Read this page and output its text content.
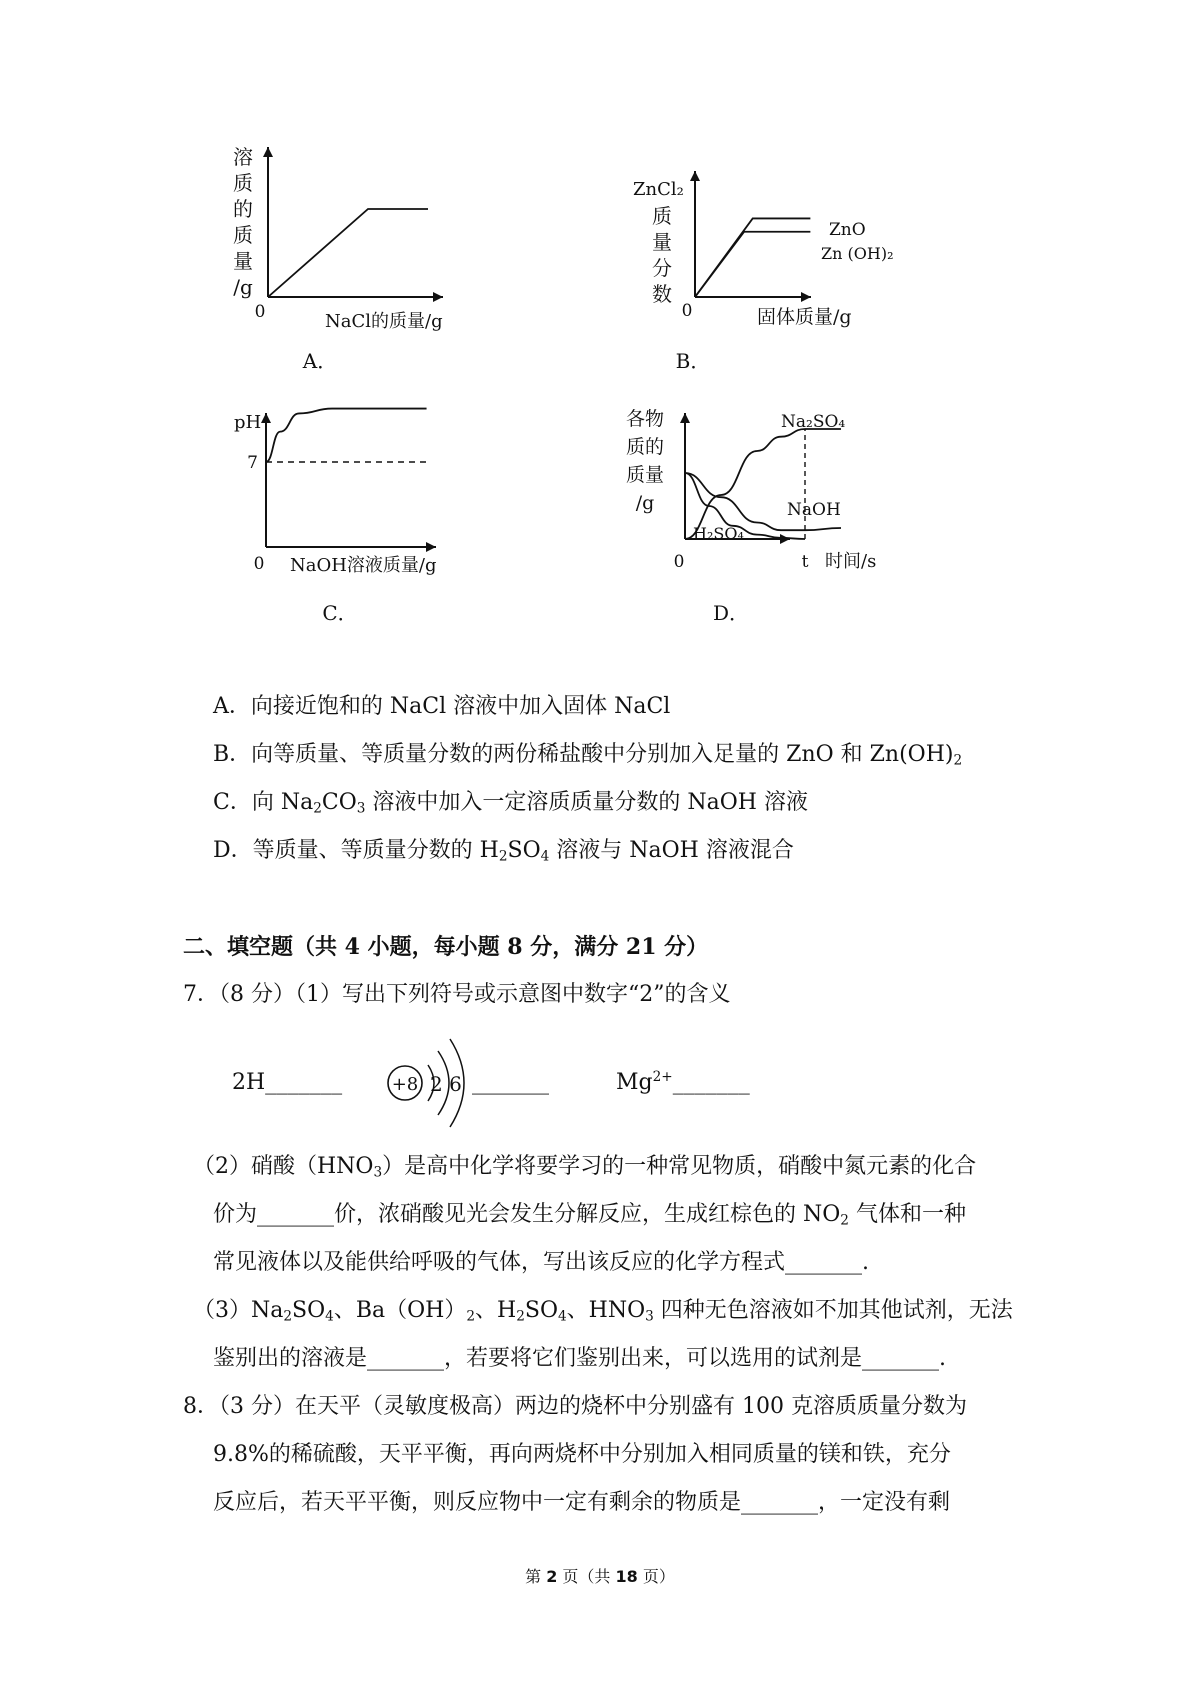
溶
质
的
质
量
/g
0	NaCl的质量/g
A．
ZnCl₂
质
量
分
数
0	固体质量/g
ZnO
Zn (OH)₂
B．
pH
7
0 NaOH溶液质量/g
C．
各物
质的
质量
/g
0	t 时间/s
Na₂SO₄
NaOH
H₂SO₄
D．
A．向接近饱和的 NaCl 溶液中加入固体 NaCl
B．向等质量、等质量分数的两份稀盐酸中分别加入足量的 ZnO 和 $Zn(OH)_2$
C．向 $Na_2CO_3$ 溶液中加入一定溶质质量分数的 NaOH 溶液
D．等质量、等质量分数的 $H_2SO_4$ 溶液与 NaOH 溶液混合
二、填空题（共 4 小题，每小题 8 分，满分 21 分）
7．（8 分）（1）写出下列符号或示意图中数字“2”的含义
2H_______	+8 2 6 _______	$Mg^{2+}\_\_\_\_\_\_\_$
（2）硝酸$(HNO_3)$是高中化学将要学习的一种常见物质，硝酸中氮元素的化合
价为_______价，浓硝酸见光会发生分解反应，生成红棕色的 $NO_2$ 气体和一种
常见液体以及能供给呼吸的气体，写出该反应的化学方程式_______.
$(3)Na_2SO_4$、$Ba(OH)_2$、$H_2SO_4$、$HNO_3$ 四种无色溶液如不加其他试剂，无法
鉴别出的溶液是_______，若要将它们鉴别出来，可以选用的试剂是_______.
8．（3 分）在天平（灵敏度极高）两边的烧杯中分别盛有 100 克溶质质量分数为
9.8%的稀硫酸，天平平衡，再向两烧杯中分别加入相同质量的镁和铁，充分
反应后，若天平平衡，则反应物中一定有剩余的物质是_______，一定没有剩
第 2 页（共 18 页）
